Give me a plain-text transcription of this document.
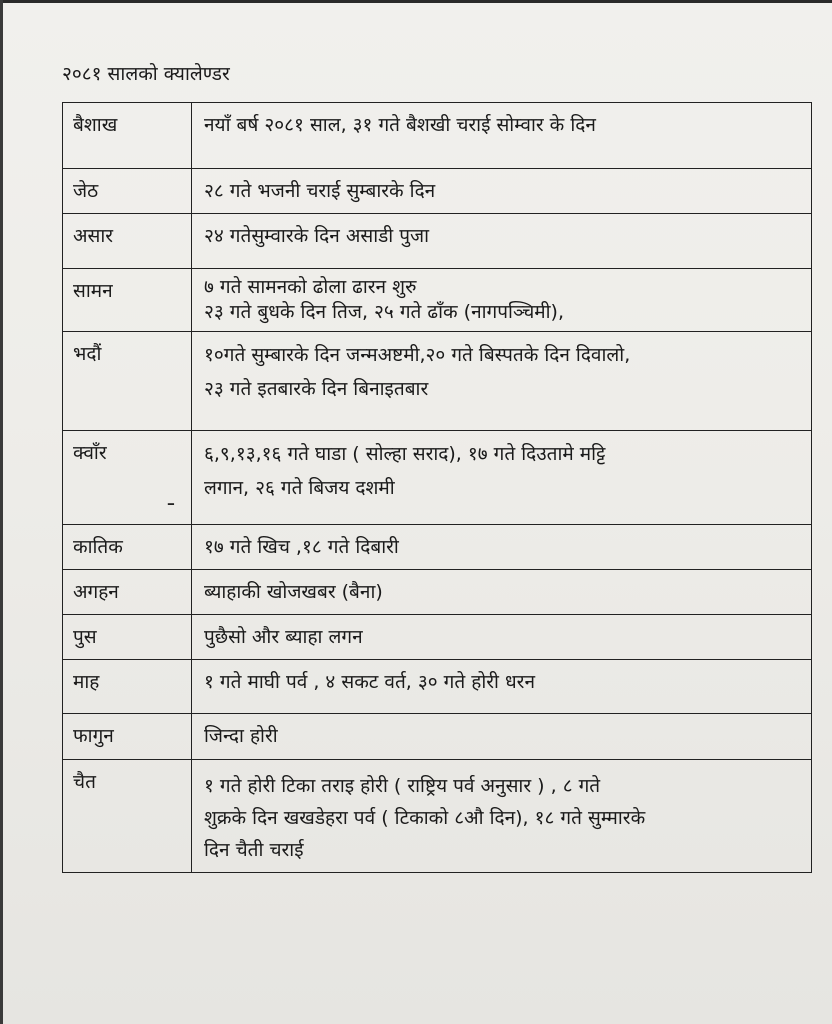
२०८१ सालको क्यालेण्डर
बैशाख	नयाँ बर्ष २०८१ साल, ३१ गते बैशखी चराई सोम्वार के दिन

जेठ	२८ गते भजनी चराई सुम्बारके दिन

असार	२४ गतेसुम्वारके दिन असाडी पुजा

सामन	७ गते सामनको ढोला ढारन शुरु
२३ गते बुधके दिन तिज, २५ गते ढाँक (नागपञ्चिमी),

भदौं	१०गते सुम्बारके दिन जन्मअष्टमी,२० गते बिस्पतके दिन दिवालो,
२३ गते इतबारके दिन बिनाइतबार

क्वाँर	६,९,१३,१६ गते घाडा ( सोल्हा सराद), १७ गते दिउतामे मट्टि
लगान, २६ गते बिजय दशमी

कातिक	१७ गते खिच ,१८ गते दिबारी

अगहन	ब्याहाकी खोजखबर (बैना)

पुस	पुछैसो और ब्याहा लगन

माह	१ गते माघी पर्व , ४ सकट वर्त, ३० गते होरी धरन

फागुन	जिन्दा होरी

चैत	१ गते होरी टिका तराइ होरी ( राष्ट्रिय पर्व अनुसार ) , ८ गते
शुक्रके दिन खखडेहरा पर्व ( टिकाको ८औ दिन), १८ गते सुम्मारके
दिन चैती चराई
ـ
